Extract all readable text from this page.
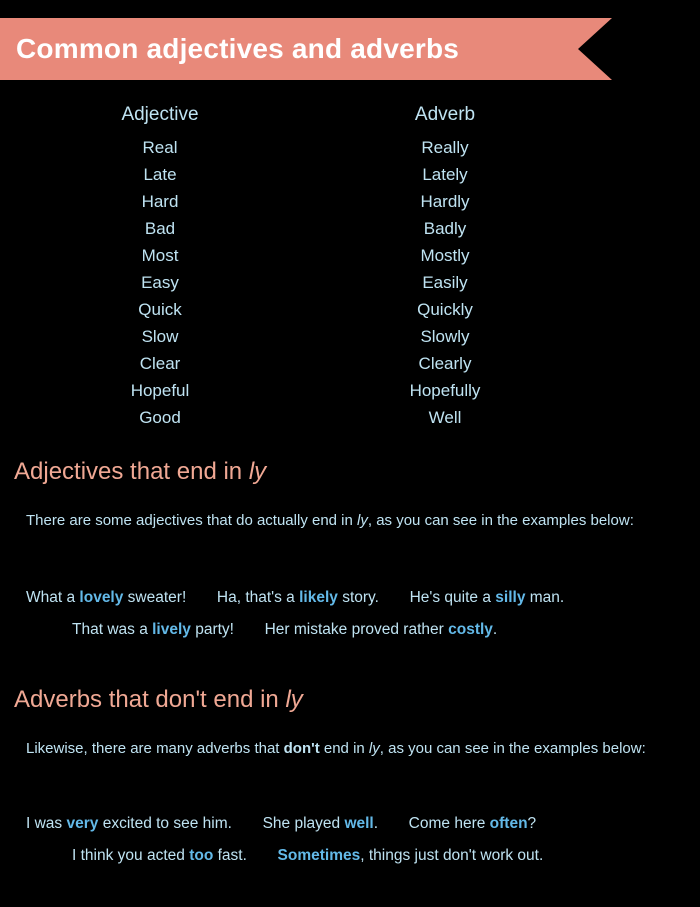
Common adjectives and adverbs
Adjective	Adverb
Real	Really
Late	Lately
Hard	Hardly
Bad	Badly
Most	Mostly
Easy	Easily
Quick	Quickly
Slow	Slowly
Clear	Clearly
Hopeful	Hopefully
Good	Well
Adjectives that end in ly
There are some adjectives that do actually end in ly, as you can see in the examples below:
What a lovely sweater! Ha, that's a likely story. He's quite a silly man.
That was a lively party! Her mistake proved rather costly.
Adverbs that don't end in ly
Likewise, there are many adverbs that don't end in ly, as you can see in the examples below:
I was very excited to see him. She played well. Come here often?
I think you acted too fast. Sometimes, things just don't work out.
